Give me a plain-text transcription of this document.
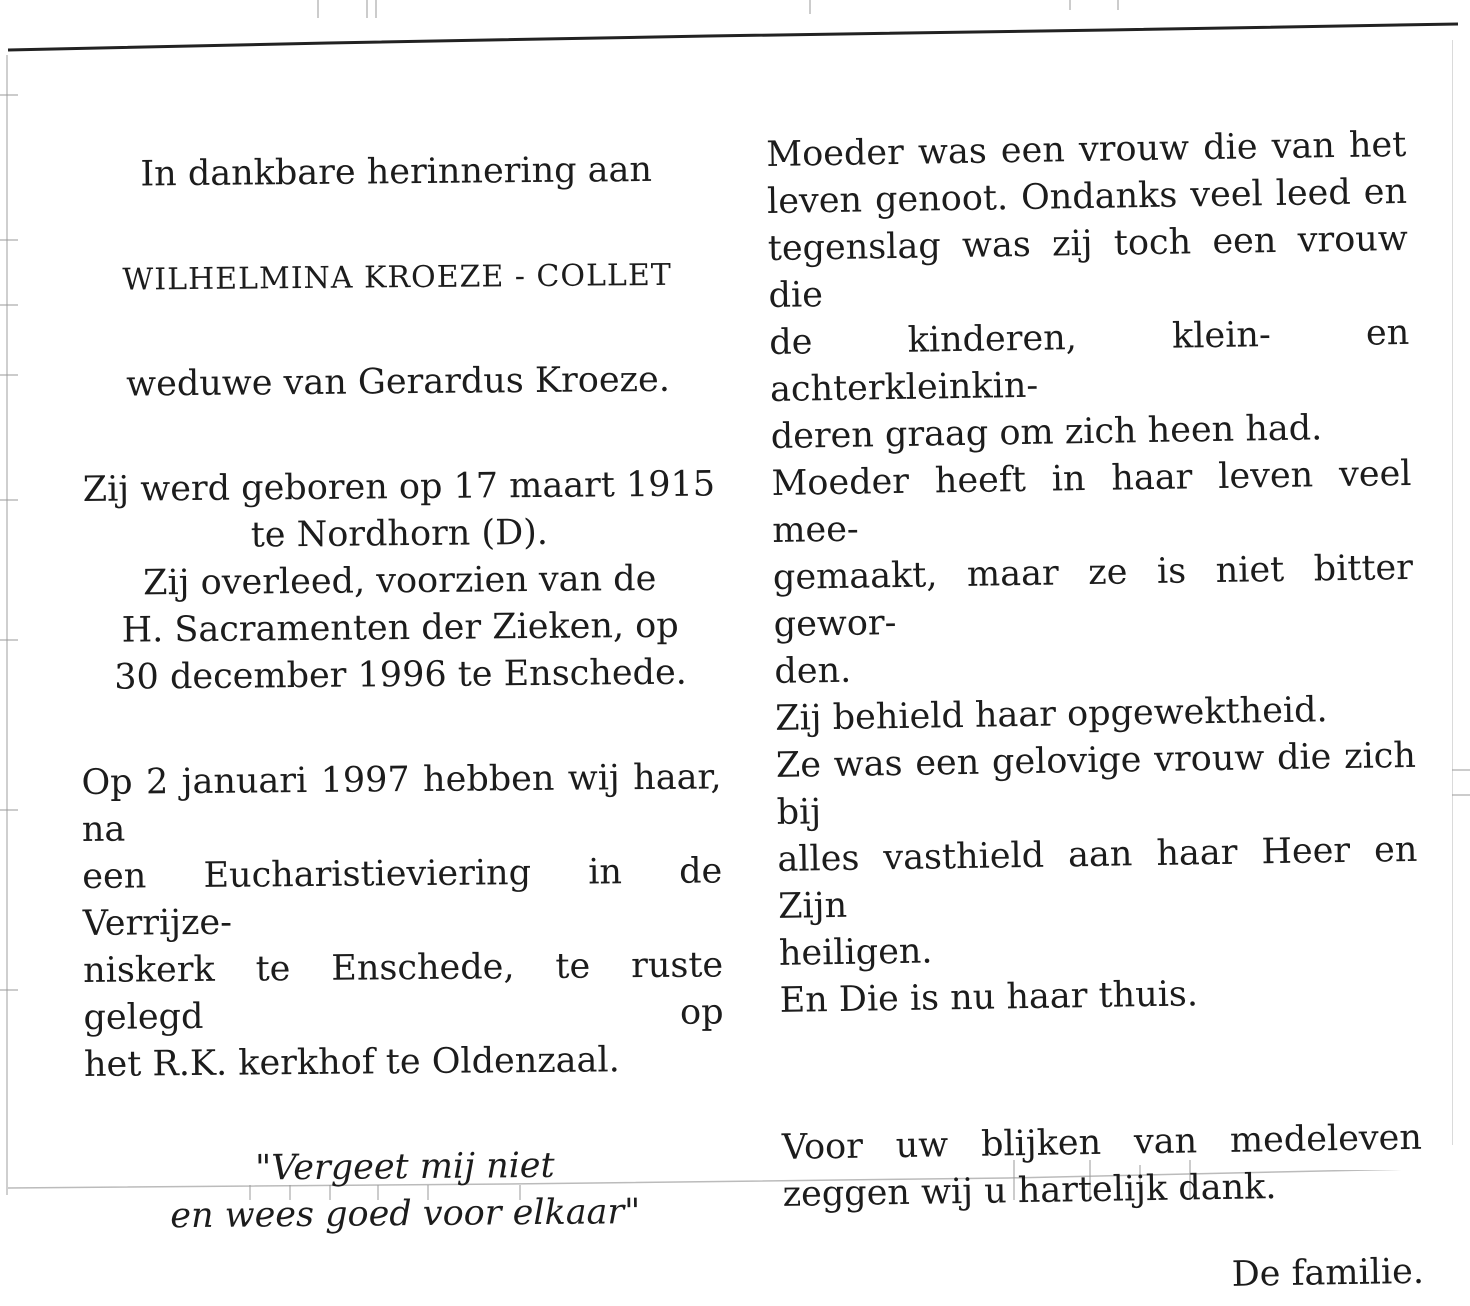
In dankbare herinnering aan
WILHELMINA KROEZE - COLLET
weduwe van Gerardus Kroeze.
Zij werd geboren op 17 maart 1915
te Nordhorn (D).
Zij overleed, voorzien van de
H. Sacramenten der Zieken, op
30 december 1996 te Enschede.
Op 2 januari 1997 hebben wij haar, na
een Eucharistieviering in de Verrijze-
niskerk te Enschede, te ruste gelegd op
het R.K. kerkhof te Oldenzaal.
"Vergeet mij niet
en wees goed voor elkaar"
Moeder was een vrouw die van het
leven genoot. Ondanks veel leed en
tegenslag was zij toch een vrouw die
de kinderen, klein- en achterkleinkin-
deren graag om zich heen had.
Moeder heeft in haar leven veel mee-
gemaakt, maar ze is niet bitter gewor-
den.
Zij behield haar opgewektheid.
Ze was een gelovige vrouw die zich bij
alles vasthield aan haar Heer en Zijn
heiligen.
En Die is nu haar thuis.
Voor uw blijken van medeleven
zeggen wij u hartelijk dank.
De familie.
